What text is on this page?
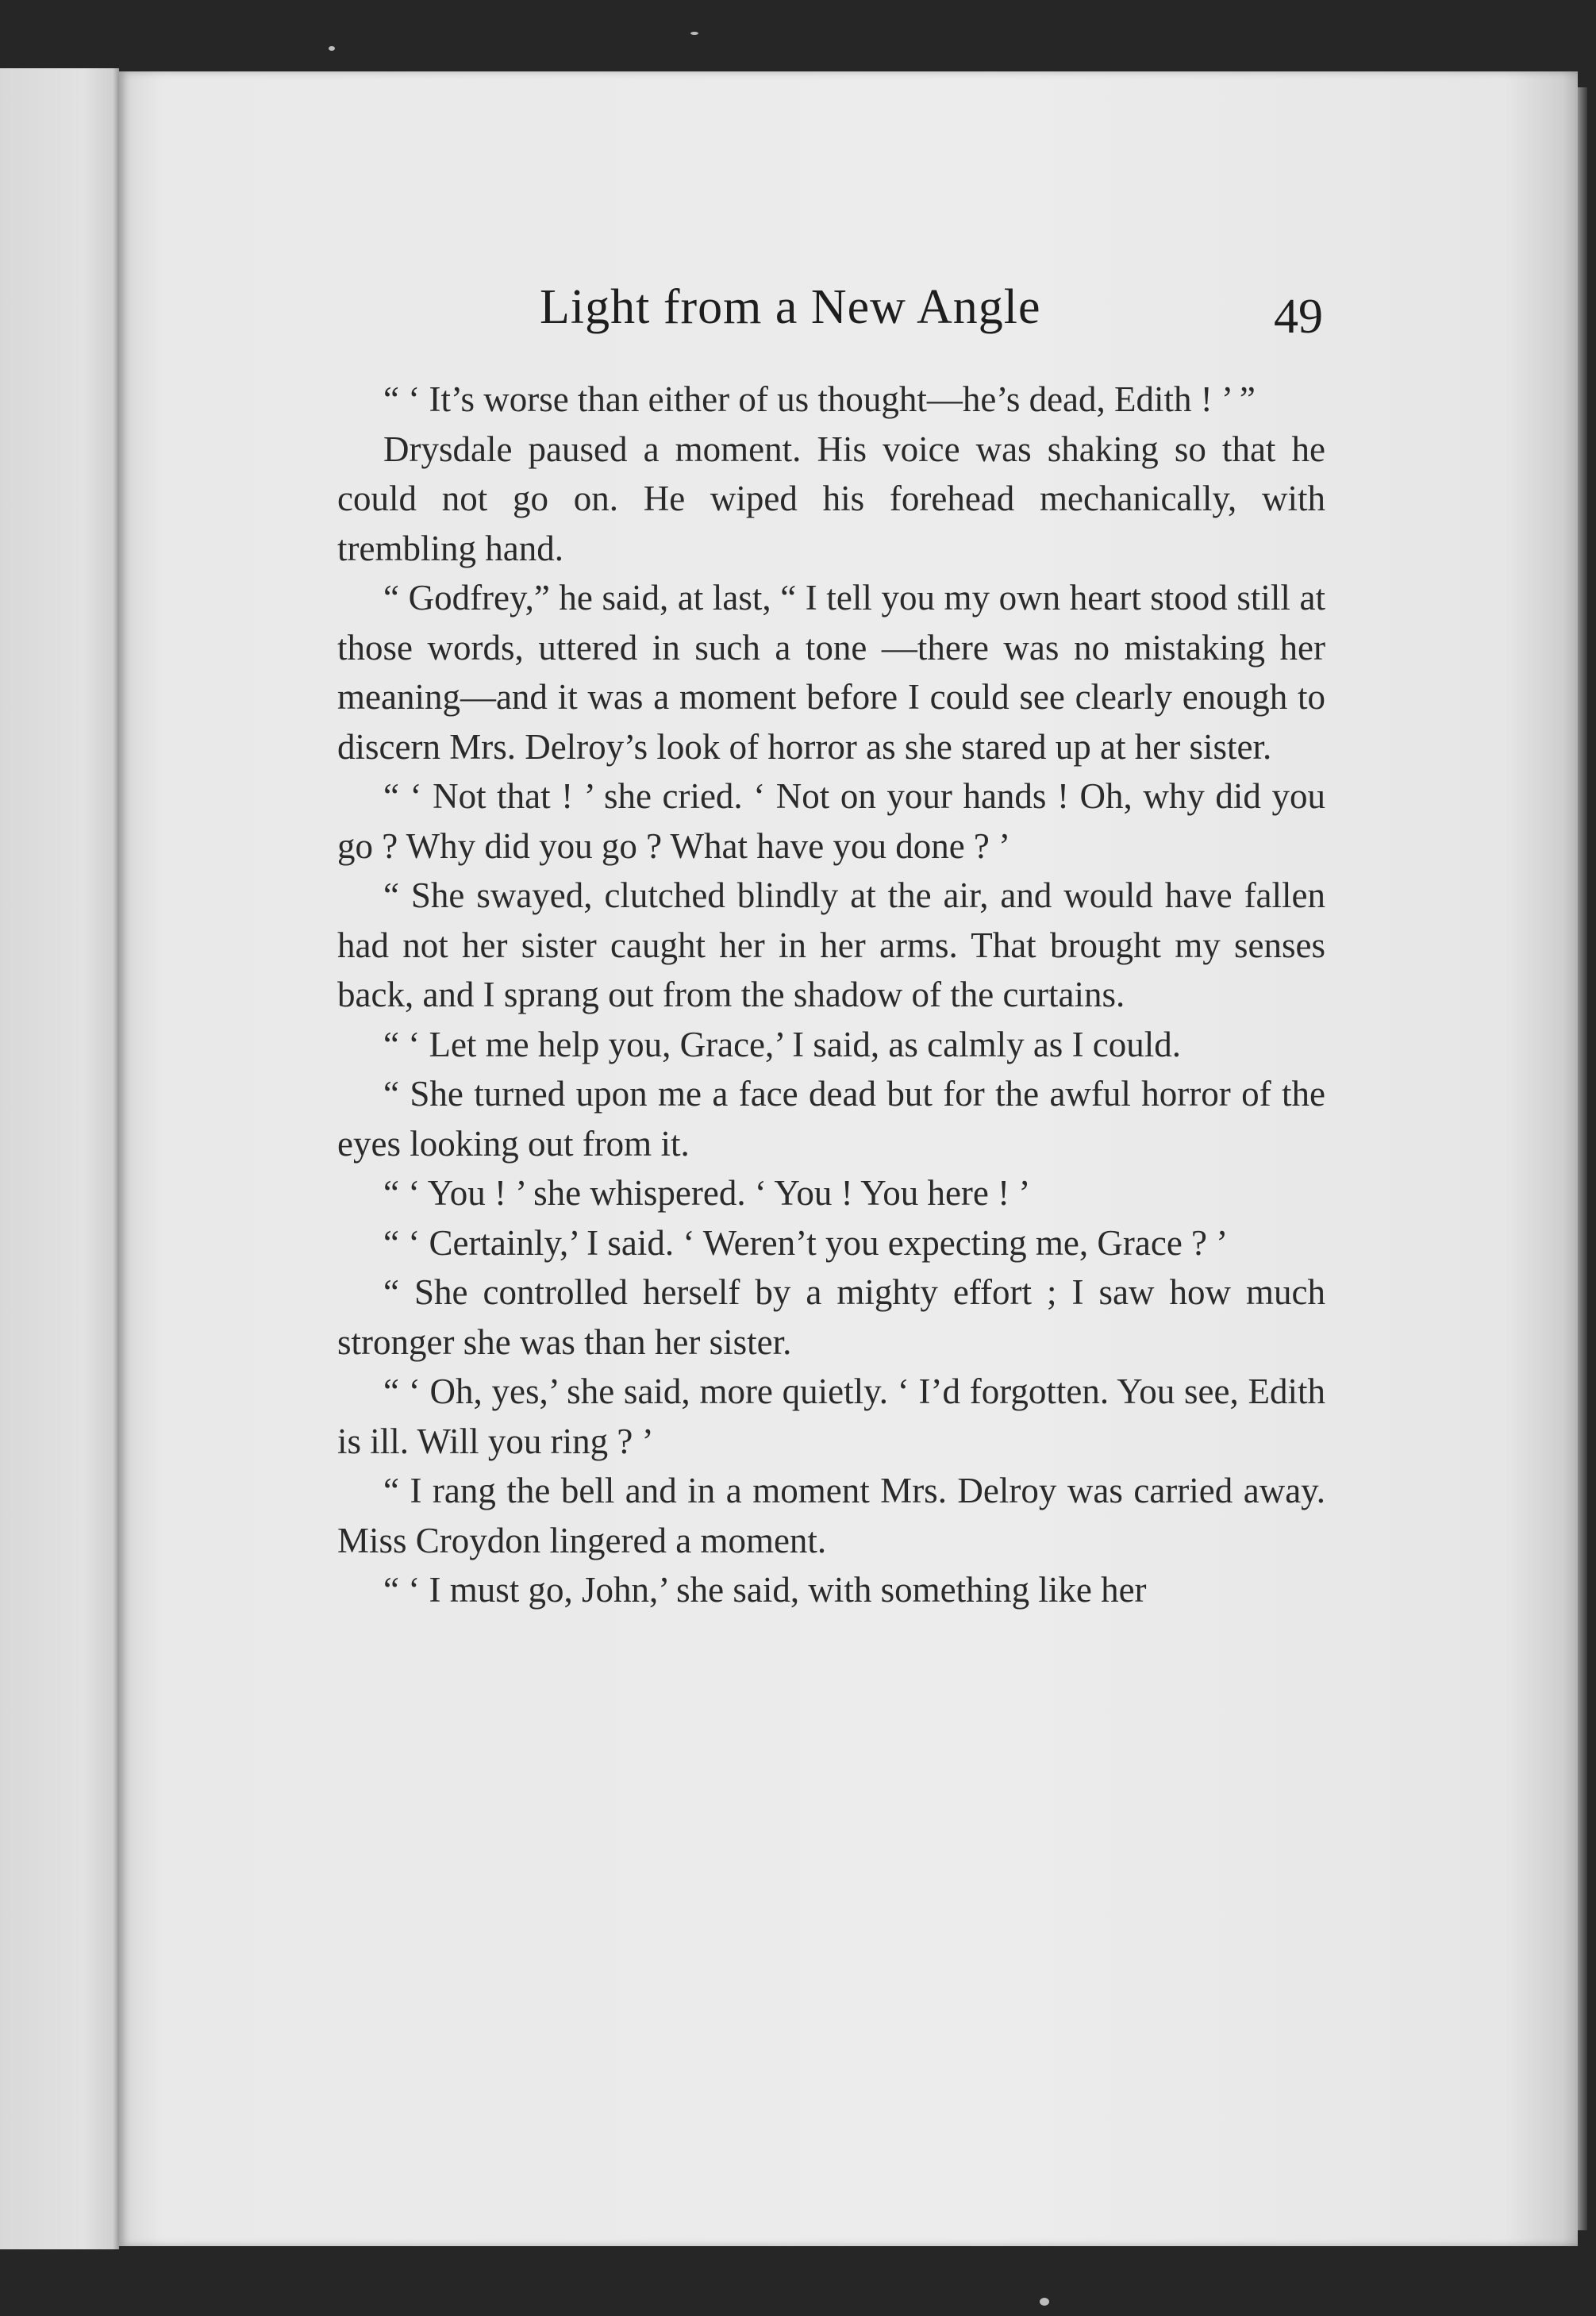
Light from a New Angle	49

“ ‘ It’s worse than either of us thought—he’s dead, Edith ! ’ ”

Drysdale paused a moment. His voice was shaking so that he could not go on. He wiped his forehead mechanically, with trembling hand.

“ Godfrey,” he said, at last, “ I tell you my own heart stood still at those words, uttered in such a tone —there was no mistaking her meaning—and it was a moment before I could see clearly enough to discern Mrs. Delroy’s look of horror as she stared up at her sister.

“ ‘ Not that ! ’ she cried. ‘ Not on your hands ! Oh, why did you go ? Why did you go ? What have you done ? ’

“ She swayed, clutched blindly at the air, and would have fallen had not her sister caught her in her arms. That brought my senses back, and I sprang out from the shadow of the curtains.

“ ‘ Let me help you, Grace,’ I said, as calmly as I could.

“ She turned upon me a face dead but for the awful horror of the eyes looking out from it.

“ ‘ You ! ’ she whispered. ‘ You ! You here ! ’

“ ‘ Certainly,’ I said. ‘ Weren’t you expecting me, Grace ? ’

“ She controlled herself by a mighty effort ; I saw how much stronger she was than her sister.

“ ‘ Oh, yes,’ she said, more quietly. ‘ I’d forgotten. You see, Edith is ill. Will you ring ? ’

“ I rang the bell and in a moment Mrs. Delroy was carried away. Miss Croydon lingered a moment.

“ ‘ I must go, John,’ she said, with something like her
